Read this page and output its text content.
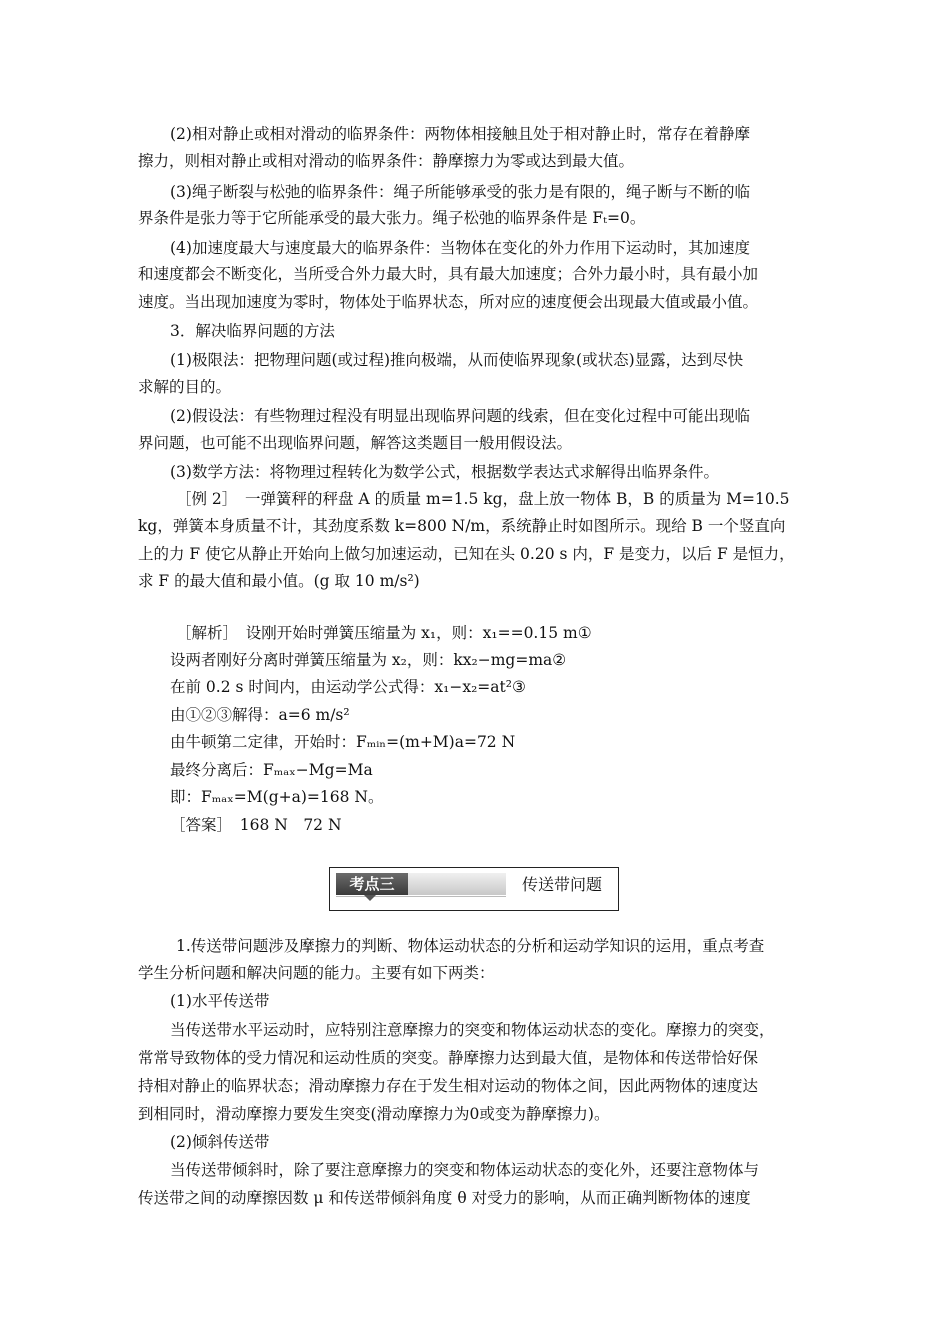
(2)相对静止或相对滑动的临界条件：两物体相接触且处于相对静止时，常存在着静摩
擦力，则相对静止或相对滑动的临界条件：静摩擦力为零或达到最大值。
(3)绳子断裂与松弛的临界条件：绳子所能够承受的张力是有限的，绳子断与不断的临
界条件是张力等于它所能承受的最大张力。绳子松弛的临界条件是 Fₜ=0。
(4)加速度最大与速度最大的临界条件：当物体在变化的外力作用下运动时，其加速度
和速度都会不断变化，当所受合外力最大时，具有最大加速度；合外力最小时，具有最小加
速度。当出现加速度为零时，物体处于临界状态，所对应的速度便会出现最大值或最小值。
3．解决临界问题的方法
(1)极限法：把物理问题(或过程)推向极端，从而使临界现象(或状态)显露，达到尽快
求解的目的。
(2)假设法：有些物理过程没有明显出现临界问题的线索，但在变化过程中可能出现临
界问题，也可能不出现临界问题，解答这类题目一般用假设法。
(3)数学方法：将物理过程转化为数学公式，根据数学表达式求解得出临界条件。
［例 2］　一弹簧秤的秤盘 A 的质量 m=1.5 kg，盘上放一物体 B，B 的质量为 M=10.5
kg，弹簧本身质量不计，其劲度系数 k=800 N/m，系统静止时如图所示。现给 B 一个竖直向
上的力 F 使它从静止开始向上做匀加速运动，已知在头 0.20 s 内，F 是变力，以后 F 是恒力，
求 F 的最大值和最小值。(g 取 10 m/s²)
［解析］　设刚开始时弹簧压缩量为 x₁，则：x₁==0.15 m①
设两者刚好分离时弹簧压缩量为 x₂，则：kx₂−mg=ma②
在前 0.2 s 时间内，由运动学公式得：x₁−x₂=at²③
由①②③解得：a=6 m/s²
由牛顿第二定律，开始时：Fₘᵢₙ=(m+M)a=72 N
最终分离后：Fₘₐₓ−Mg=Ma
即：Fₘₐₓ=M(g+a)=168 N。
［答案］　168 N　72 N
考点三	传送带问题
1.传送带问题涉及摩擦力的判断、物体运动状态的分析和运动学知识的运用，重点考查
学生分析问题和解决问题的能力。主要有如下两类：
(1)水平传送带
当传送带水平运动时，应特别注意摩擦力的突变和物体运动状态的变化。摩擦力的突变，
常常导致物体的受力情况和运动性质的突变。静摩擦力达到最大值，是物体和传送带恰好保
持相对静止的临界状态；滑动摩擦力存在于发生相对运动的物体之间，因此两物体的速度达
到相同时，滑动摩擦力要发生突变(滑动摩擦力为0或变为静摩擦力)。
(2)倾斜传送带
当传送带倾斜时，除了要注意摩擦力的突变和物体运动状态的变化外，还要注意物体与
传送带之间的动摩擦因数 μ 和传送带倾斜角度 θ 对受力的影响，从而正确判断物体的速度
